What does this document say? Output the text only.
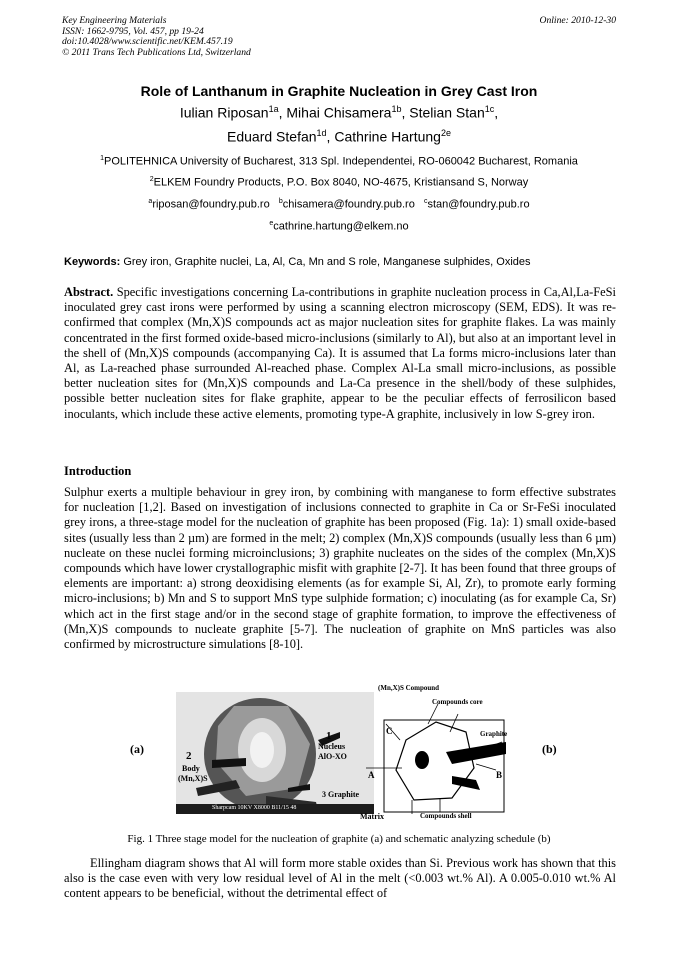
Key Engineering Materials
ISSN: 1662-9795, Vol. 457, pp 19-24
doi:10.4028/www.scientific.net/KEM.457.19
© 2011 Trans Tech Publications Ltd, Switzerland
Online: 2010-12-30
Role of Lanthanum in Graphite Nucleation in Grey Cast Iron
Iulian Riposan$^{1a}$, Mihai Chisamera$^{1b}$, Stelian Stan$^{1c}$,
Eduard Stefan$^{1d}$, Cathrine Hartung$^{2e}$
$^1$POLITEHNICA University of Bucharest, 313 Spl. Independentei, RO-060042 Bucharest, Romania
$^2$ELKEM Foundry Products, P.O. Box 8040, NO-4675, Kristiansand S, Norway
$^a$riposan@foundry.pub.ro $^b$chisamera@foundry.pub.ro $^c$stan@foundry.pub.ro
$^e$cathrine.hartung@elkem.no
Keywords: Grey iron, Graphite nuclei, La, Al, Ca, Mn and S role, Manganese sulphides, Oxides
Abstract. Specific investigations concerning La-contributions in graphite nucleation process in Ca,Al,La-FeSi inoculated grey cast irons were performed by using a scanning electron microscopy (SEM, EDS). It was re-confirmed that complex (Mn,X)S compounds act as major nucleation sites for graphite flakes. La was mainly concentrated in the first formed oxide-based micro-inclusions (similarly to Al), but also at an important level in the shell of (Mn,X)S compounds (accompanying Ca). It is assumed that La forms micro-inclusions later than Al, as La-reached phase surrounded Al-reached phase. Complex Al-La small micro-inclusions, as possible better nucleation sites for (Mn,X)S compounds and La-Ca presence in the shell/body of these sulphides, possible better nucleation sites for flake graphite, appear to be the peculiar effects of ferrosilicon based inoculants, which include these active elements, promoting type-A graphite, inclusively in low S-grey iron.
Introduction
Sulphur exerts a multiple behaviour in grey iron, by combining with manganese to form effective substrates for nucleation [1,2]. Based on investigation of inclusions connected to graphite in Ca or Sr-FeSi inoculated grey irons, a three-stage model for the nucleation of graphite has been proposed (Fig. 1a): 1) small oxide-based sites (usually less than 2 µm) are formed in the melt; 2) complex (Mn,X)S compounds (usually less than 6 µm) nucleate on these nuclei forming microinclusions; 3) graphite nucleates on the sides of the complex (Mn,X)S compounds which have lower crystallographic misfit with graphite [2-7]. It has been found that three groups of elements are important: a) strong deoxidising elements (as for example Si, Al, Zr), to promote early forming micro-inclusions; b) Mn and S to support MnS type sulphide formation; c) inoculating (as for example Ca, Sr) which act in the first stage and/or in the second stage of graphite formation, to improve the effectiveness of (Mn,X)S compounds to nucleate graphite [5-7]. The nucleation of graphite on MnS particles was also confirmed by microstructure simulations [8-10].
(a)	(b)
1
Nucleus
AlO-XO
2
Body
(Mn,X)S
3 Graphite
Sharpcam 10KV X8000 B11/15 48
(Mn,X)S Compound
Compounds core
Graphite
Compounds shell
Matrix
A	B
C
Fig. 1 Three stage model for the nucleation of graphite (a) and schematic analyzing schedule (b)
Ellingham diagram shows that Al will form more stable oxides than Si. Previous work has shown that this also is the case even with very low residual level of Al in the melt (<0.003 wt.% Al). A 0.005-0.010 wt.% Al content appears to be beneficial, without the detrimental effect of
